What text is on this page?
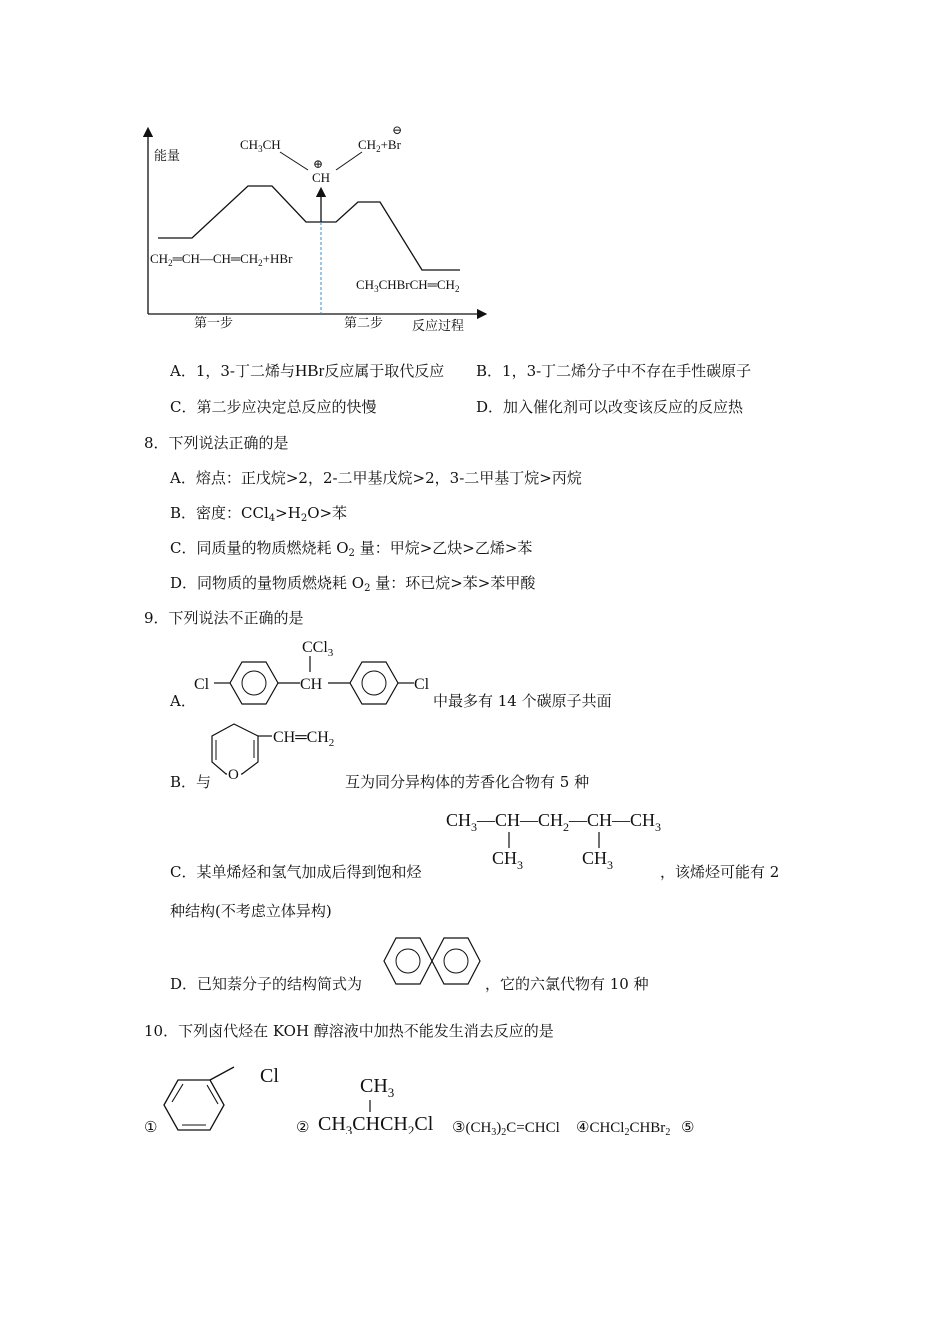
能量
反应过程
第一步	第二步
$CH_3CH$	$CH_2+Br$
⊖
⊕
CH
$CH_2═CH—CH═CH_2+HBr$
$CH_3CHBrCH═CH_2$
A．1，3-丁二烯与HBr反应属于取代反应 B．1，3-丁二烯分子中不存在手性碳原子
C．第二步应决定总反应的快慢	D．加入催化剂可以改变该反应的反应热
8．下列说法正确的是
A．熔点：正戊烷>2，2-二甲基戊烷>2，3-二甲基丁烷>丙烷
B．密度：$CCl_4>H_2O>$苯
C．同质量的物质燃烧耗 $O_2$ 量：甲烷>乙炔>乙烯>苯
D．同物质的量物质燃烧耗 $O_2$ 量：环已烷>苯>苯甲酸
9．下列说法不正确的是
A．
Cl	CH
CCl$_3$
Cl
中最多有 14 个碳原子共面
B．与 O
$CH═CH_2$
互为同分异构体的芳香化合物有 5 种
$CH_3—CH—CH_2—CH—CH_3$
$CH_3$	$CH_3$
C．某单烯烃和氢气加成后得到饱和烃	，该烯烃可能有 2
种结构(不考虑立体异构)
D．已知萘分子的结构简式为	，它的六氯代物有 10 种
10．下列卤代烃在 KOH 醇溶液中加热不能发生消去反应的是
①
Cl
②
$CH_3$
$CH_3CHCH_2Cl$ $③(CH_3)_2C=CHCl$ ④CHCl$_2$CHBr$_2$ ⑤
